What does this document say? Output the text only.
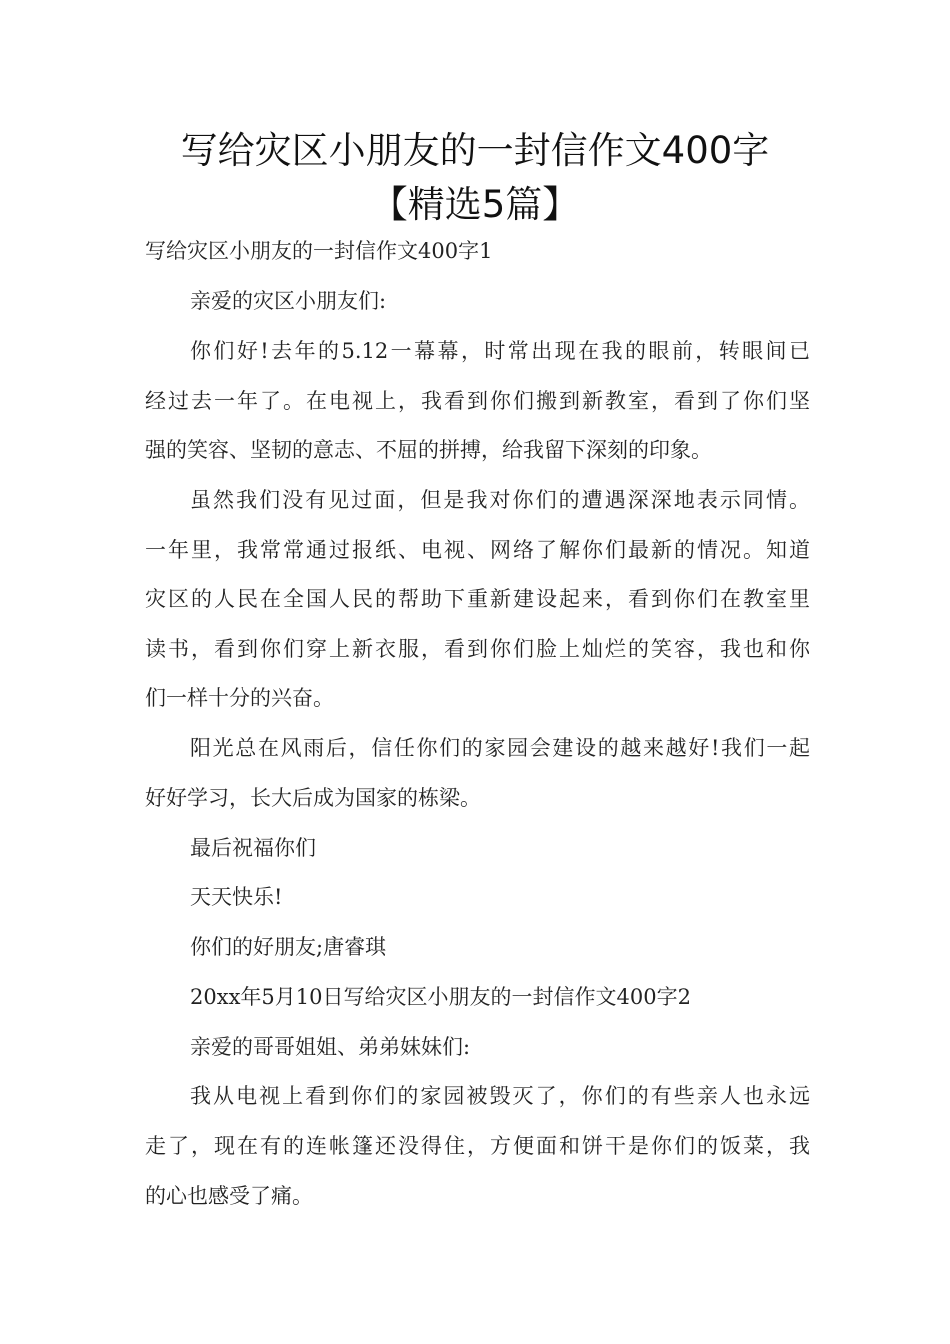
写给灾区小朋友的一封信作文400字
【精选5篇】
写给灾区小朋友的一封信作文400字1
亲爱的灾区小朋友们:
你们好!去年的5.12一幕幕，时常出现在我的眼前，转眼间已
经过去一年了。在电视上，我看到你们搬到新教室，看到了你们坚
强的笑容、坚韧的意志、不屈的拼搏，给我留下深刻的印象。
虽然我们没有见过面，但是我对你们的遭遇深深地表示同情。
一年里，我常常通过报纸、电视、网络了解你们最新的情况。知道
灾区的人民在全国人民的帮助下重新建设起来，看到你们在教室里
读书，看到你们穿上新衣服，看到你们脸上灿烂的笑容，我也和你
们一样十分的兴奋。
阳光总在风雨后，信任你们的家园会建设的越来越好!我们一起
好好学习，长大后成为国家的栋梁。
最后祝福你们
天天快乐!
你们的好朋友;唐睿琪
20xx年5月10日写给灾区小朋友的一封信作文400字2
亲爱的哥哥姐姐、弟弟妹妹们:
我从电视上看到你们的家园被毁灭了，你们的有些亲人也永远
走了，现在有的连帐篷还没得住，方便面和饼干是你们的饭菜，我
的心也感受了痛。
